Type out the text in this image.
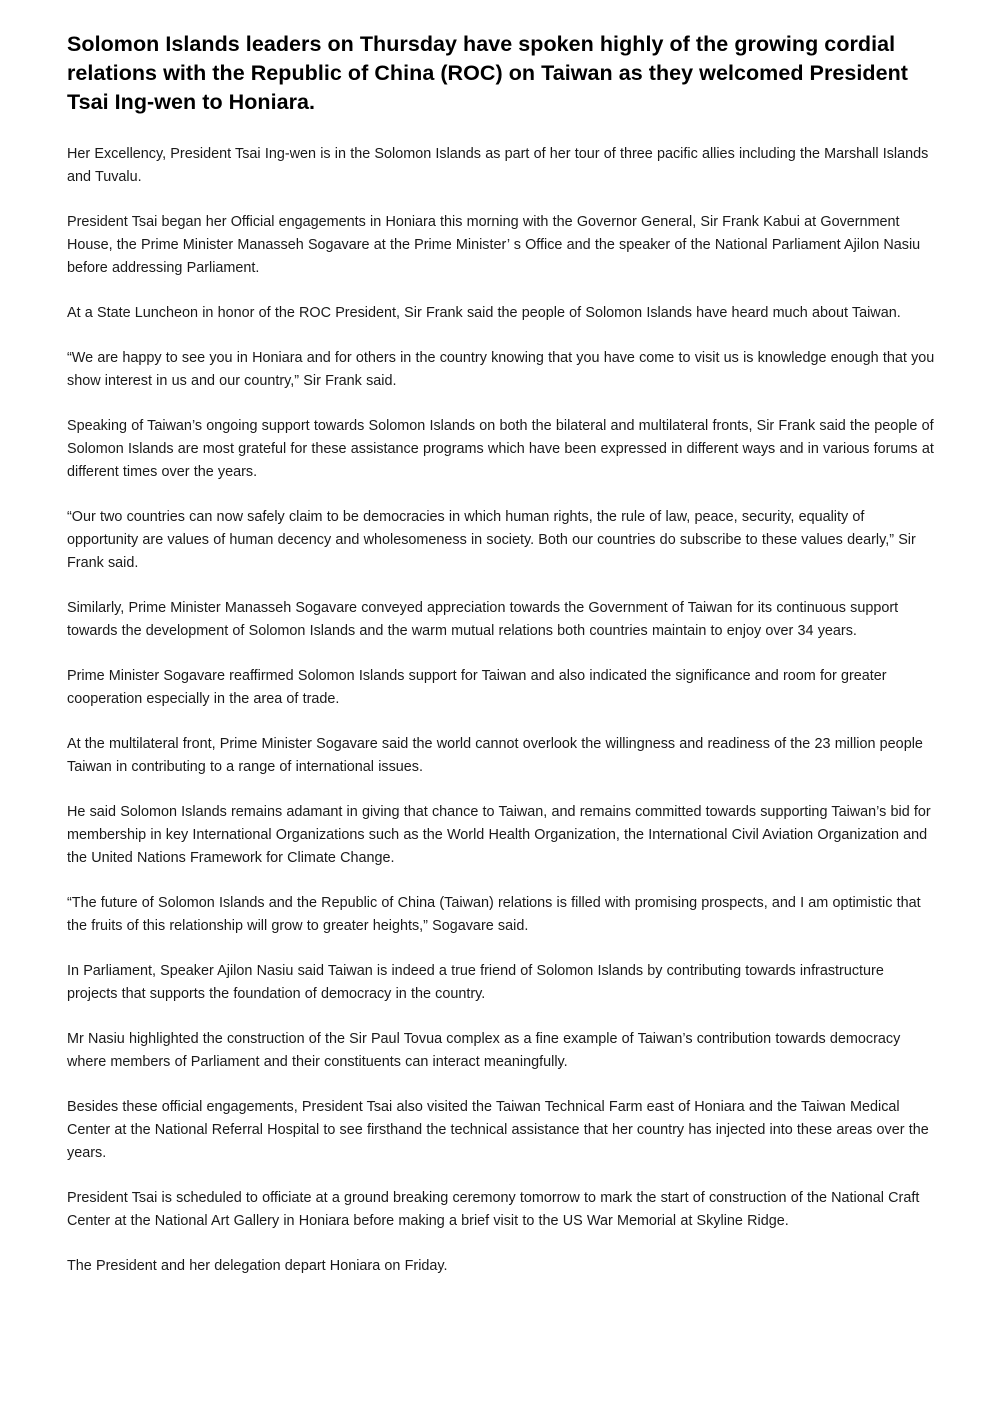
Solomon Islands leaders on Thursday have spoken highly of the growing cordial relations with the Republic of China (ROC) on Taiwan as they welcomed President Tsai Ing-wen to Honiara.

Her Excellency, President Tsai Ing-wen is in the Solomon Islands as part of her tour of three pacific allies including the Marshall Islands and Tuvalu.

President Tsai began her Official engagements in Honiara this morning with the Governor General, Sir Frank Kabui at Government House, the Prime Minister Manasseh Sogavare at the Prime Minister’ s Office and the speaker of the National Parliament Ajilon Nasiu before addressing Parliament.

At a State Luncheon in honor of the ROC President, Sir Frank said the people of Solomon Islands have heard much about Taiwan.

“We are happy to see you in Honiara and for others in the country knowing that you have come to visit us is knowledge enough that you show interest in us and our country,” Sir Frank said.

Speaking of Taiwan’s ongoing support towards Solomon Islands on both the bilateral and multilateral fronts, Sir Frank said the people of Solomon Islands are most grateful for these assistance programs which have been expressed in different ways and in various forums at different times over the years.

“Our two countries can now safely claim to be democracies in which human rights, the rule of law, peace, security, equality of opportunity are values of human decency and wholesomeness in society. Both our countries do subscribe to these values dearly,” Sir Frank said.

Similarly, Prime Minister Manasseh Sogavare conveyed appreciation towards the Government of Taiwan for its continuous support towards the development of Solomon Islands and the warm mutual relations both countries maintain to enjoy over 34 years.

Prime Minister Sogavare reaffirmed Solomon Islands support for Taiwan and also indicated the significance and room for greater cooperation especially in the area of trade.

At the multilateral front, Prime Minister Sogavare said the world cannot overlook the willingness and readiness of the 23 million people Taiwan in contributing to a range of international issues.

He said Solomon Islands remains adamant in giving that chance to Taiwan, and remains committed towards supporting Taiwan’s bid for membership in key International Organizations such as the World Health Organization, the International Civil Aviation Organization and the United Nations Framework for Climate Change.

“The future of Solomon Islands and the Republic of China (Taiwan) relations is filled with promising prospects, and I am optimistic that the fruits of this relationship will grow to greater heights,” Sogavare said.

In Parliament, Speaker Ajilon Nasiu said Taiwan is indeed a true friend of Solomon Islands by contributing towards infrastructure projects that supports the foundation of democracy in the country.

Mr Nasiu highlighted the construction of the Sir Paul Tovua complex as a fine example of Taiwan’s contribution towards democracy where members of Parliament and their constituents can interact meaningfully.

Besides these official engagements, President Tsai also visited the Taiwan Technical Farm east of Honiara and the Taiwan Medical Center at the National Referral Hospital to see firsthand the technical assistance that her country has injected into these areas over the years.

President Tsai is scheduled to officiate at a ground breaking ceremony tomorrow to mark the start of construction of the National Craft Center at the National Art Gallery in Honiara before making a brief visit to the US War Memorial at Skyline Ridge.

The President and her delegation depart Honiara on Friday.
